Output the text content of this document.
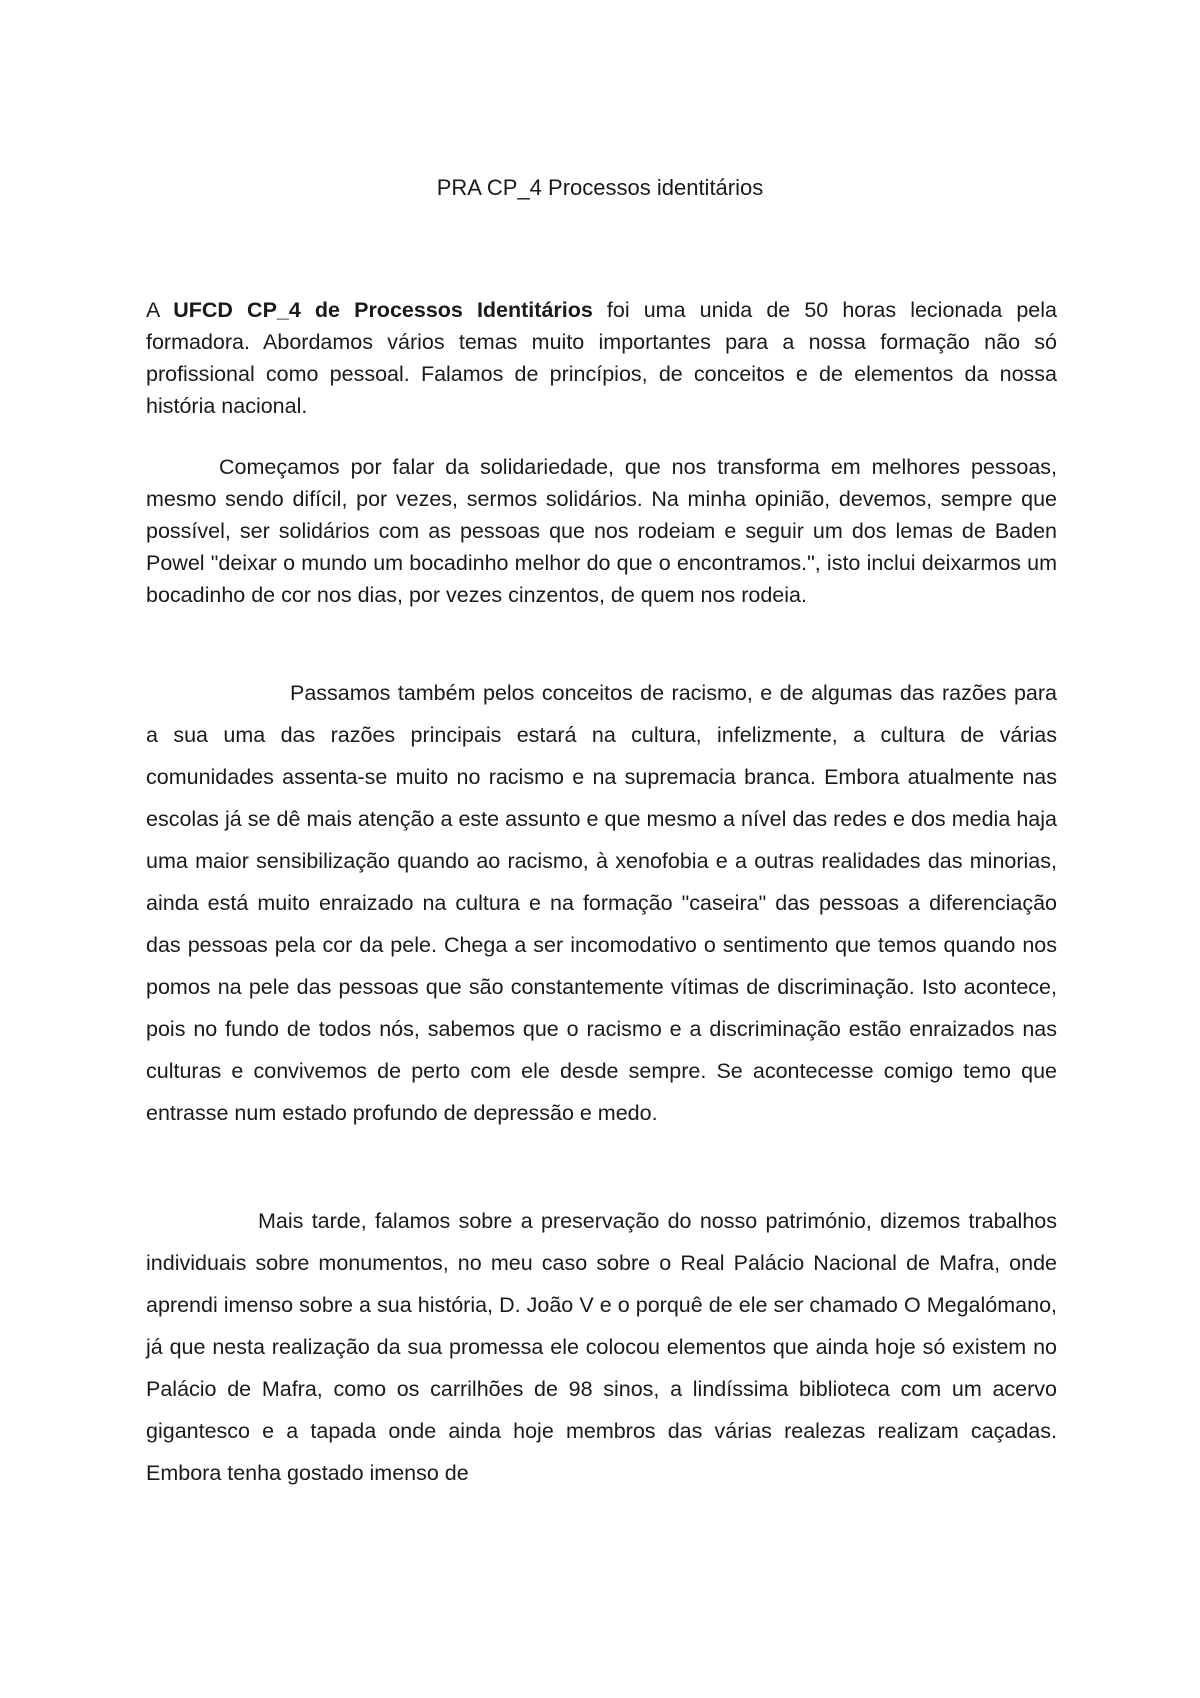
PRA CP_4 Processos identitários

A UFCD CP_4 de Processos Identitários foi uma unida de 50 horas lecionada pela formadora. Abordamos vários temas muito importantes para a nossa formação não só profissional como pessoal. Falamos de princípios, de conceitos e de elementos da nossa história nacional.

Começamos por falar da solidariedade, que nos transforma em melhores pessoas, mesmo sendo difícil, por vezes, sermos solidários. Na minha opinião, devemos, sempre que possível, ser solidários com as pessoas que nos rodeiam e seguir um dos lemas de Baden Powel "deixar o mundo um bocadinho melhor do que o encontramos.", isto inclui deixarmos um bocadinho de cor nos dias, por vezes cinzentos, de quem nos rodeia.

Passamos também pelos conceitos de racismo, e de algumas das razões para a sua uma das razões principais estará na cultura, infelizmente, a cultura de várias comunidades assenta-se muito no racismo e na supremacia branca. Embora atualmente nas escolas já se dê mais atenção a este assunto e que mesmo a nível das redes e dos media haja uma maior sensibilização quando ao racismo, à xenofobia e a outras realidades das minorias, ainda está muito enraizado na cultura e na formação "caseira" das pessoas a diferenciação das pessoas pela cor da pele. Chega a ser incomodativo o sentimento que temos quando nos pomos na pele das pessoas que são constantemente vítimas de discriminação. Isto acontece, pois no fundo de todos nós, sabemos que o racismo e a discriminação estão enraizados nas culturas e convivemos de perto com ele desde sempre. Se acontecesse comigo temo que entrasse num estado profundo de depressão e medo.

Mais tarde, falamos sobre a preservação do nosso património, dizemos trabalhos individuais sobre monumentos, no meu caso sobre o Real Palácio Nacional de Mafra, onde aprendi imenso sobre a sua história, D. João V e o porquê de ele ser chamado O Megalómano, já que nesta realização da sua promessa ele colocou elementos que ainda hoje só existem no Palácio de Mafra, como os carrilhões de 98 sinos, a lindíssima biblioteca com um acervo gigantesco e a tapada onde ainda hoje membros das várias realezas realizam caçadas. Embora tenha gostado imenso de
